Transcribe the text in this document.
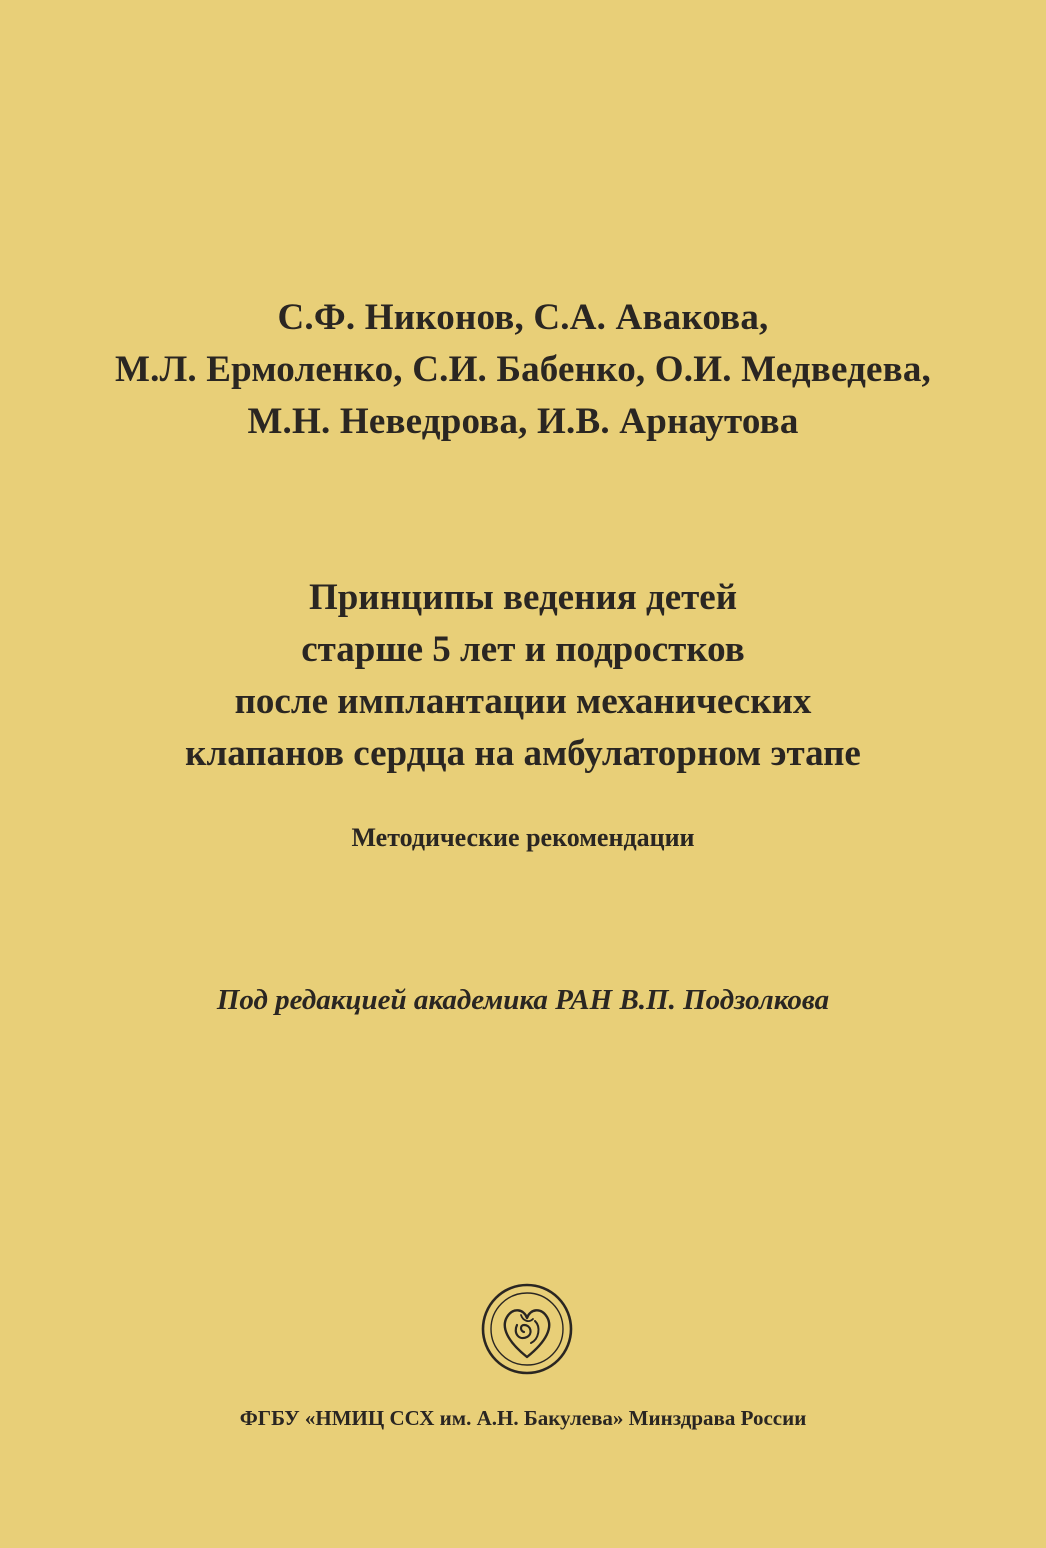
С.Ф. Никонов, С.А. Авакова,
М.Л. Ермоленко, С.И. Бабенко, О.И. Медведева,
М.Н. Неведрова, И.В. Арнаутова
Принципы ведения детей
старше 5 лет и подростков
после имплантации механических
клапанов сердца на амбулаторном этапе
Методические рекомендации
Под редакцией академика РАН В.П. Подзолкова
ФГБУ «НМИЦ ССХ им. А.Н. Бакулева» Минздрава России
